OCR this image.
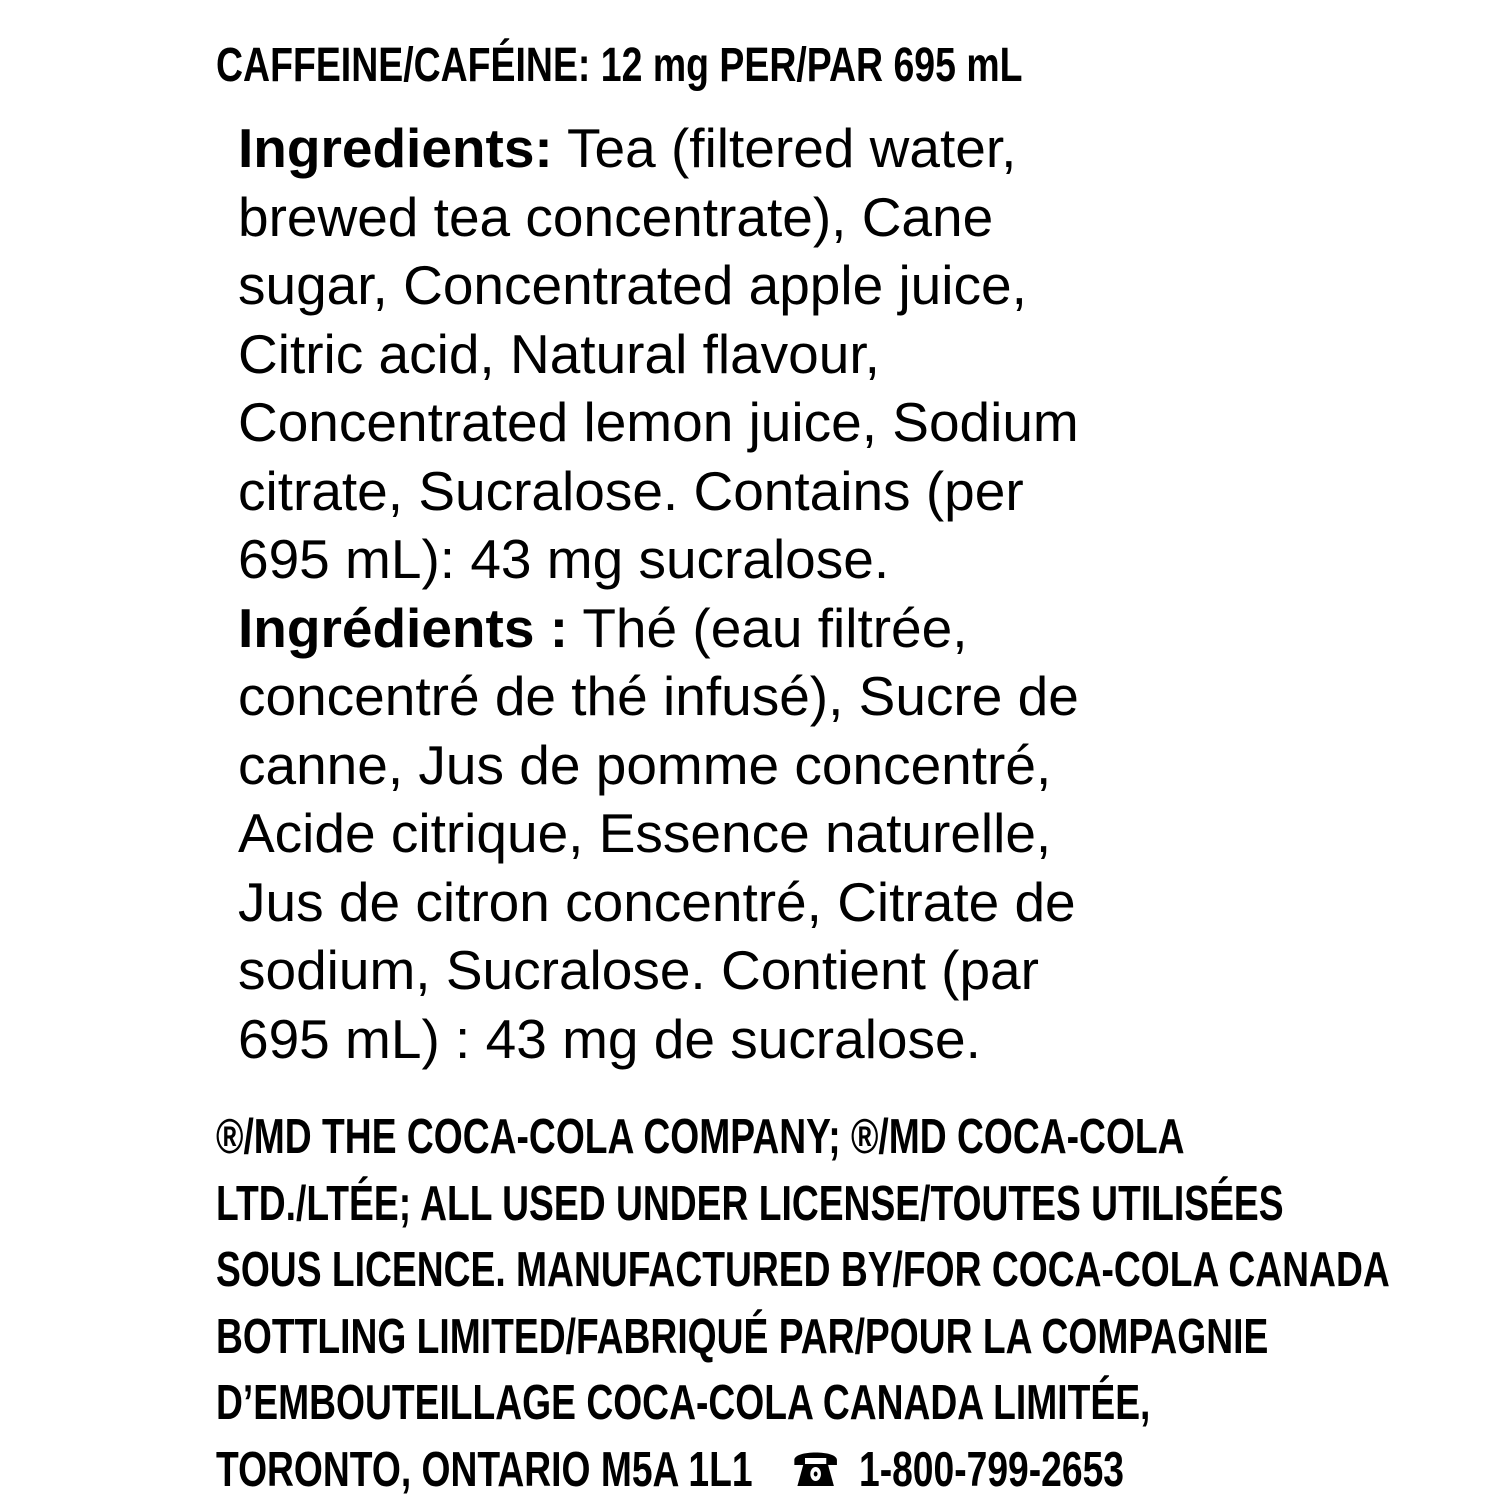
CAFFEINE/CAFÉINE: 12 mg PER/PAR 695 mL
Ingredients: Tea (filtered water,
brewed tea concentrate), Cane
sugar, Concentrated apple juice,
Citric acid, Natural flavour,
Concentrated lemon juice, Sodium
citrate, Sucralose. Contains (per
695 mL): 43 mg sucralose.
Ingrédients : Thé (eau filtrée,
concentré de thé infusé), Sucre de
canne, Jus de pomme concentré,
Acide citrique, Essence naturelle,
Jus de citron concentré, Citrate de
sodium, Sucralose. Contient (par
695 mL) : 43 mg de sucralose.
®/MD THE COCA-COLA COMPANY; ®/MD COCA-COLA
LTD./LTÉE; ALL USED UNDER LICENSE/TOUTES UTILISÉES
SOUS LICENCE. MANUFACTURED BY/FOR COCA-COLA CANADA
BOTTLING LIMITED/FABRIQUÉ PAR/POUR LA COMPAGNIE
D’EMBOUTEILLAGE COCA-COLA CANADA LIMITÉE,
TORONTO, ONTARIO M5A 1L1 1-800-799-2653
